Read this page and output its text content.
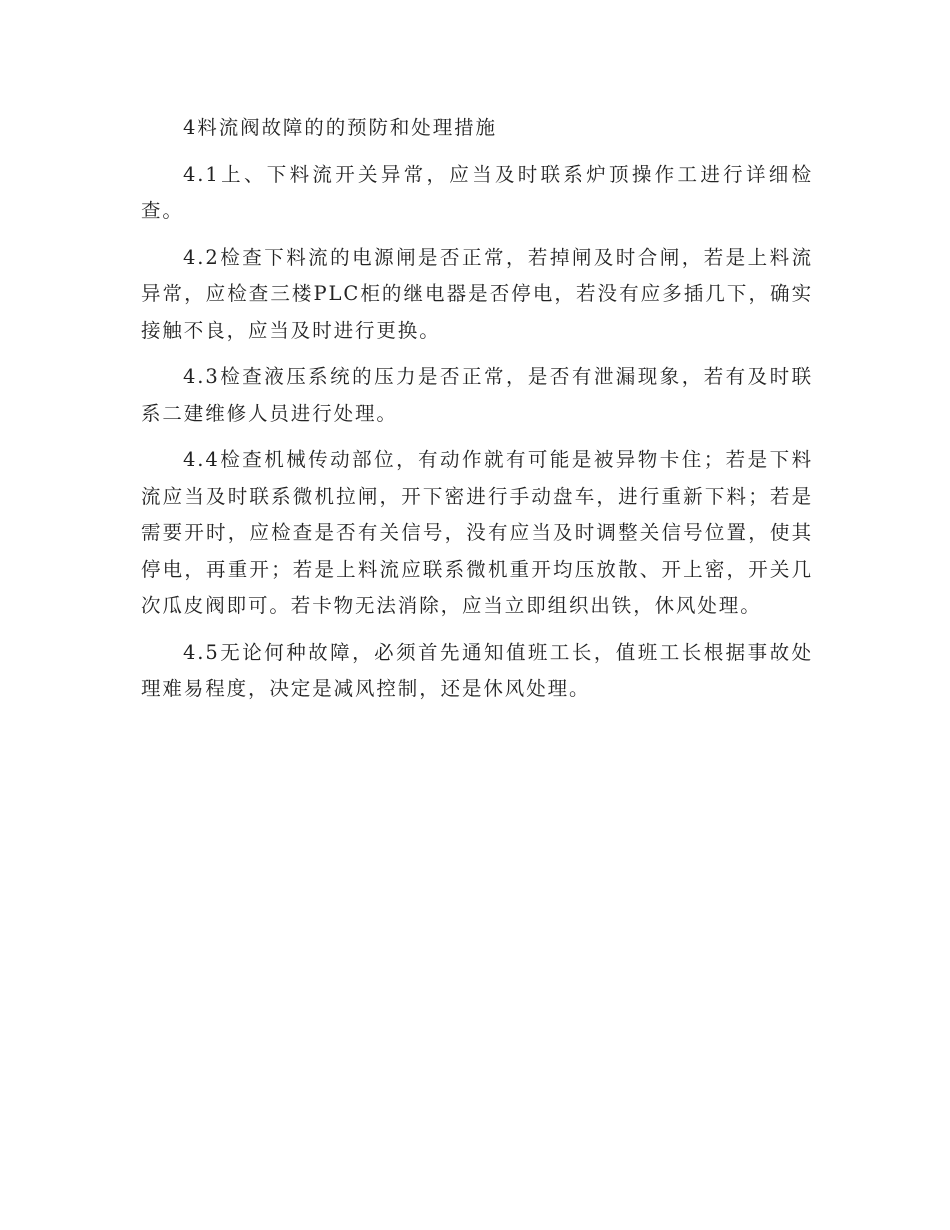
4料流阀故障的的预防和处理措施

4.1上、下料流开关异常，应当及时联系炉顶操作工进行详细检查。

4.2检查下料流的电源闸是否正常，若掉闸及时合闸，若是上料流异常，应检查三楼PLC柜的继电器是否停电，若没有应多插几下，确实接触不良，应当及时进行更换。

4.3检查液压系统的压力是否正常，是否有泄漏现象，若有及时联系二建维修人员进行处理。

4.4检查机械传动部位，有动作就有可能是被异物卡住；若是下料流应当及时联系微机拉闸，开下密进行手动盘车，进行重新下料；若是需要开时，应检查是否有关信号，没有应当及时调整关信号位置，使其停电，再重开；若是上料流应联系微机重开均压放散、开上密，开关几次瓜皮阀即可。若卡物无法消除，应当立即组织出铁，休风处理。

4.5无论何种故障，必须首先通知值班工长，值班工长根据事故处理难易程度，决定是减风控制，还是休风处理。
